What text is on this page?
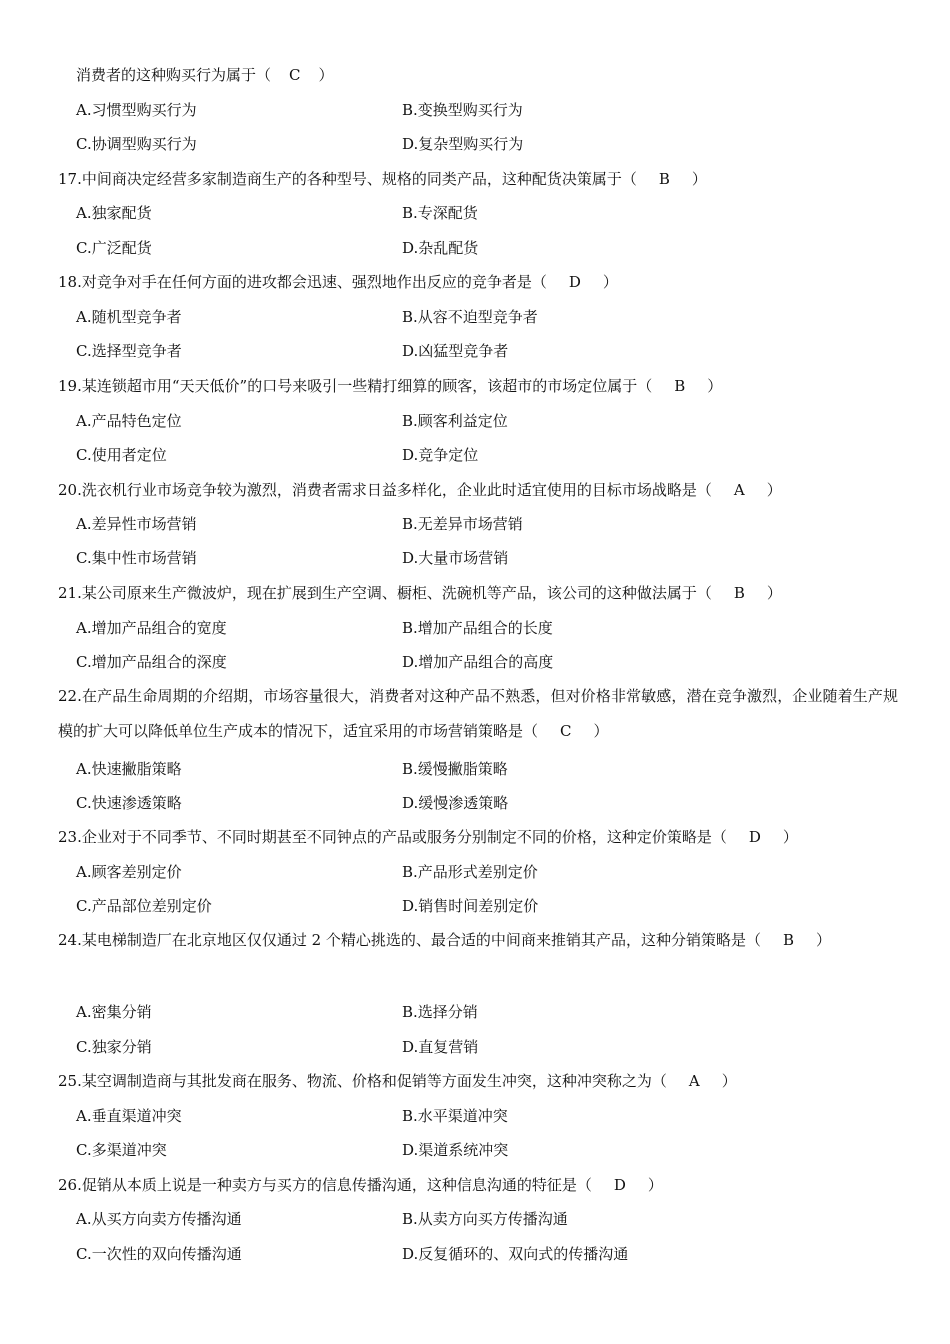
消费者的这种购买行为属于（ C ）
A.习惯型购买行为	B.变换型购买行为
C.协调型购买行为	D.复杂型购买行为
17.中间商决定经营多家制造商生产的各种型号、规格的同类产品，这种配货决策属于（ B ）
A.独家配货	B.专深配货
C.广泛配货	D.杂乱配货
18.对竞争对手在任何方面的进攻都会迅速、强烈地作出反应的竞争者是（ D ）
A.随机型竞争者	B.从容不迫型竞争者
C.选择型竞争者	D.凶猛型竞争者
19.某连锁超市用“天天低价”的口号来吸引一些精打细算的顾客，该超市的市场定位属于（ B ）
A.产品特色定位	B.顾客利益定位
C.使用者定位	D.竞争定位
20.洗衣机行业市场竞争较为激烈，消费者需求日益多样化，企业此时适宜使用的目标市场战略是（ A ）
A.差异性市场营销	B.无差异市场营销
C.集中性市场营销	D.大量市场营销
21.某公司原来生产微波炉，现在扩展到生产空调、橱柜、洗碗机等产品，该公司的这种做法属于（ B ）
A.增加产品组合的宽度	B.增加产品组合的长度
C.增加产品组合的深度	D.增加产品组合的高度
22.在产品生命周期的介绍期，市场容量很大，消费者对这种产品不熟悉，但对价格非常敏感，潜在竞争激烈，企业随着生产规模的扩大可以降低单位生产成本的情况下，适宜采用的市场营销策略是（ C ）
A.快速撇脂策略	B.缓慢撇脂策略
C.快速渗透策略	D.缓慢渗透策略
23.企业对于不同季节、不同时期甚至不同钟点的产品或服务分别制定不同的价格，这种定价策略是（ D ）
A.顾客差别定价	B.产品形式差别定价
C.产品部位差别定价	D.销售时间差别定价
24.某电梯制造厂在北京地区仅仅通过 2 个精心挑选的、最合适的中间商来推销其产品，这种分销策略是（ B ）
A.密集分销	B.选择分销
C.独家分销	D.直复营销
25.某空调制造商与其批发商在服务、物流、价格和促销等方面发生冲突，这种冲突称之为（ A ）
A.垂直渠道冲突	B.水平渠道冲突
C.多渠道冲突	D.渠道系统冲突
26.促销从本质上说是一种卖方与买方的信息传播沟通，这种信息沟通的特征是（ D ）
A.从买方向卖方传播沟通	B.从卖方向买方传播沟通
C.一次性的双向传播沟通	D.反复循环的、双向式的传播沟通
